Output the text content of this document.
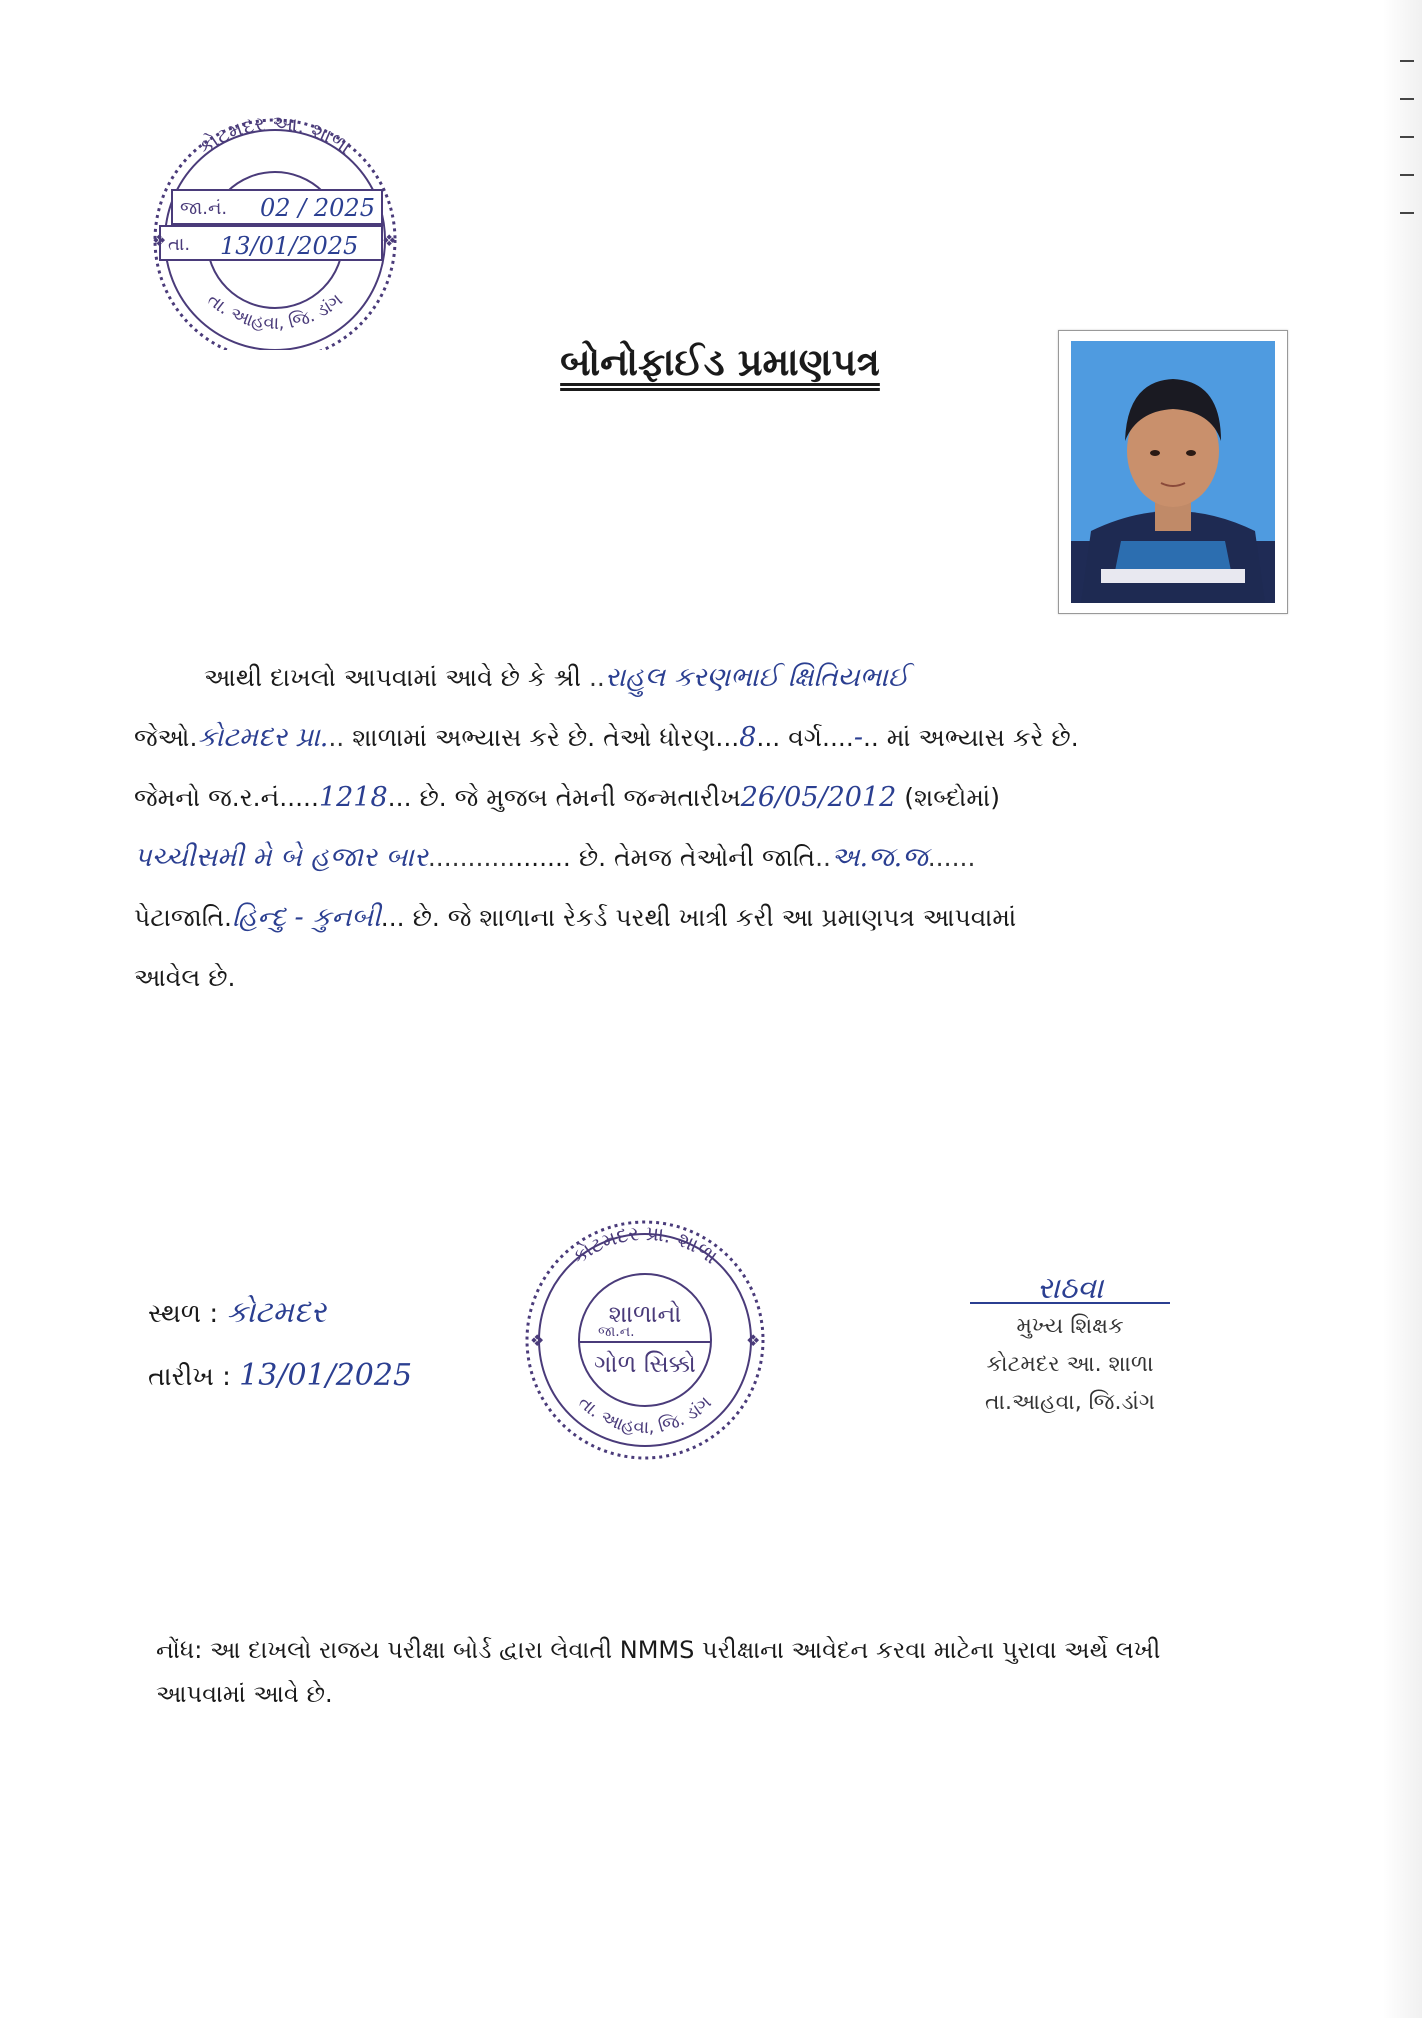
કોટમદર આ. શાળા
તા. આહવા, જિ. ડાંગ
જા.નં. 02 / 2025
તા. 13/01/2025
❖	❖
બોનોફાઈડ પ્રમાણપત્ર
આથી દાખલો આપવામાં આવે છે કે શ્રી ..રાહુલ કરણભાઈ ક્ષિતિયભાઈ
જેઓ.કોટમદર પ્રા... શાળામાં અભ્યાસ કરે છે. તેઓ ધોરણ...8... વર્ગ....-.. માં અભ્યાસ કરે છે.
જેમનો જ.ર.નં.....1218... છે. જે મુજબ તેમની જન્મતારીખ26/05/2012 (શબ્દોમાં)
પચ્ચીસમી મે બે હજાર બાર.................. છે. તેમજ તેઓની જાતિ..અ.જ.જ......
પેટાજાતિ.હિન્દુ - કુનબી... છે. જે શાળાના રેકર્ડ પરથી ખાત્રી કરી આ પ્રમાણપત્ર આપવામાં
આવેલ છે.
સ્થળ : કોટમદર
તારીખ : 13/01/2025
કોટમદર પ્રા. શાળા
તા. આહવા, જિ. ડાંગ
શાળાનો
જા.ન.
ગોળ સિક્કો
❖	❖
રાઠવા
મુખ્ય શિક્ષક
કોટમદર આ. શાળા
તા.આહવા, જિ.ડાંગ
નોંધ: આ દાખલો રાજય પરીક્ષા બોર્ડ દ્વારા લેવાતી NMMS પરીક્ષાના આવેદન કરવા માટેના પુરાવા અર્થે લખી આપવામાં આવે છે.
